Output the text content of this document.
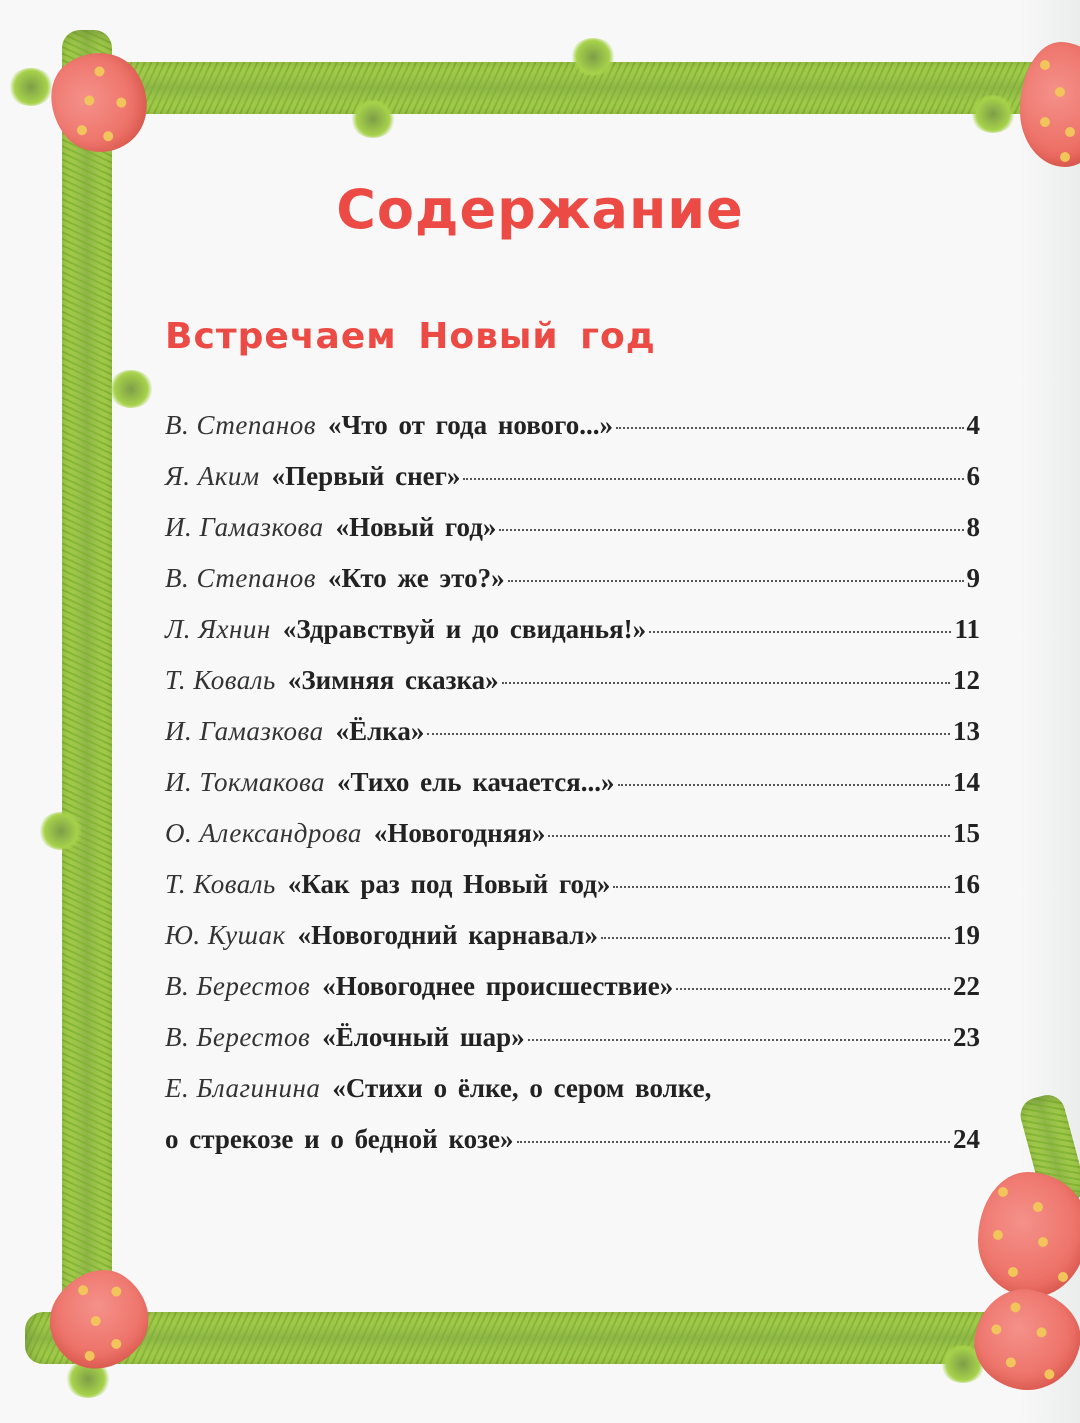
Содержание
Встречаем Новый год
В. Степанов «Что от года нового...»	4
Я. Аким «Первый снег»	6
И. Гамазкова «Новый год»	8
В. Степанов «Кто же это?»	9
Л. Яхнин «Здравствуй и до свиданья!»	11
Т. Коваль «Зимняя сказка»	12
И. Гамазкова «Ёлка»	13
И. Токмакова «Тихо ель качается...»	14
О. Александрова «Новогодняя»	15
Т. Коваль «Как раз под Новый год»	16
Ю. Кушак «Новогодний карнавал»	19
В. Берестов «Новогоднее происшествие»	22
В. Берестов «Ёлочный шар»	23
Е. Благинина «Стихи о ёлке, о сером волке,
о стрекозе и о бедной козе»	24
